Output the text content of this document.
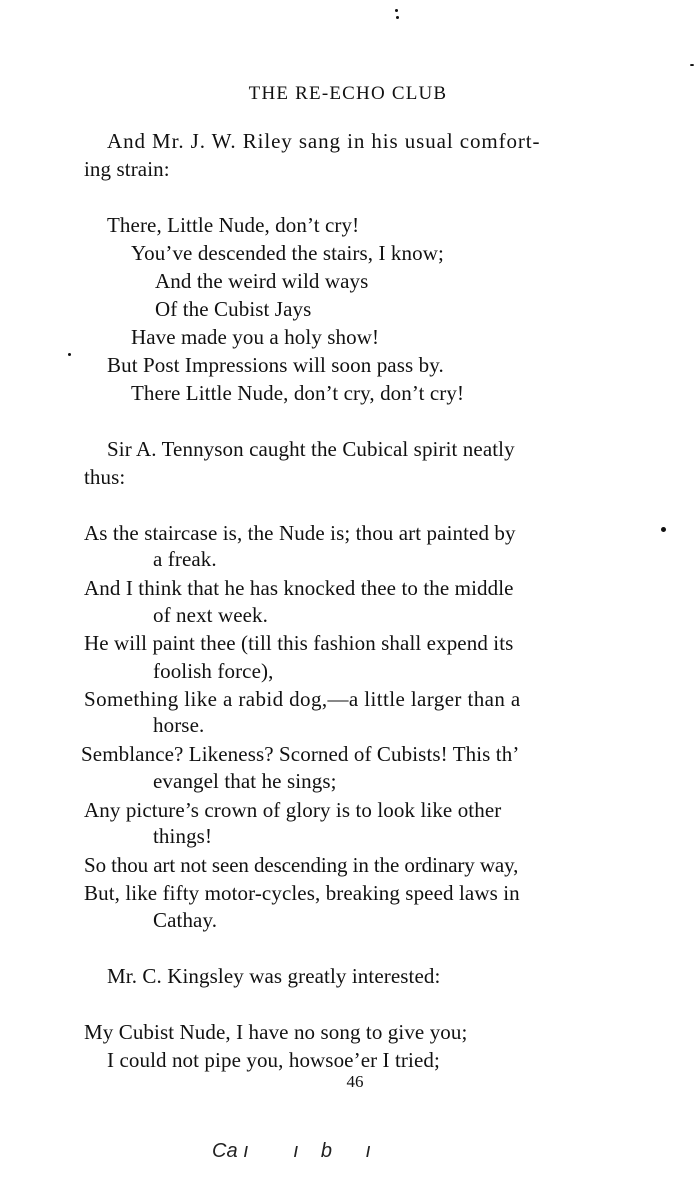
THE RE-ECHO CLUB
And Mr. J. W. Riley sang in his usual comfort-
ing strain:
There, Little Nude, don’t cry!
You’ve descended the stairs, I know;
And the weird wild ways
Of the Cubist Jays
Have made you a holy show!
But Post Impressions will soon pass by.
There Little Nude, don’t cry, don’t cry!
Sir A. Tennyson caught the Cubical spirit neatly
thus:
As the staircase is, the Nude is; thou art painted by
a freak.
And I think that he has knocked thee to the middle
of next week.
He will paint thee (till this fashion shall expend its
foolish force),
Something like a rabid dog,—a little larger than a
horse.
Semblance? Likeness? Scorned of Cubists! This th’
evangel that he sings;
Any picture’s crown of glory is to look like other
things!
So thou art not seen descending in the ordinary way,
But, like fifty motor-cycles, breaking speed laws in
Cathay.
Mr. C. Kingsley was greatly interested:
My Cubist Nude, I have no song to give you;
I could not pipe you, howsoe’er I tried;
46
Ca ı        ı    b      ı
